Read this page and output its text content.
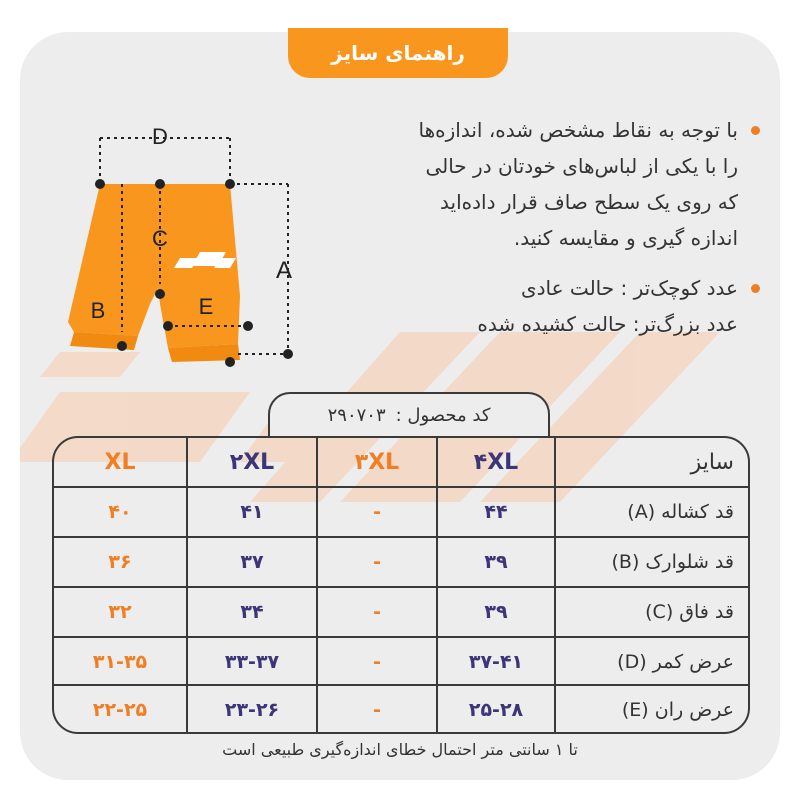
راهنمای سایز
D
C
B	E
A
با توجه به نقاط مشخص شده، اندازه‌ها
را با یکی از لباس‌های خودتان در حالی
که روی یک سطح صاف قرار داده‌اید
اندازه گیری و مقایسه کنید.
عدد کوچک‌تر : حالت عادی
عدد بزرگ‌تر: حالت کشیده شده
کد محصول :
۲۹۰۷۰۳
XL	۲XL	۳XL	۴XL	سایز
۴۰	۴۱	-	۴۴	قد کشاله (A)
۳۶	۳۷	-	۳۹	قد شلوارک (B)
۳۲	۳۴	-	۳۹	قد فاق (C)
۳۱-۳۵	۳۳-۳۷	-	۳۷-۴۱	عرض کمر (D)
۲۲-۲۵	۲۳-۲۶	-	۲۵-۲۸	عرض ران (E)
تا ۱ سانتی متر احتمال خطای اندازه‌گیری طبیعی است
